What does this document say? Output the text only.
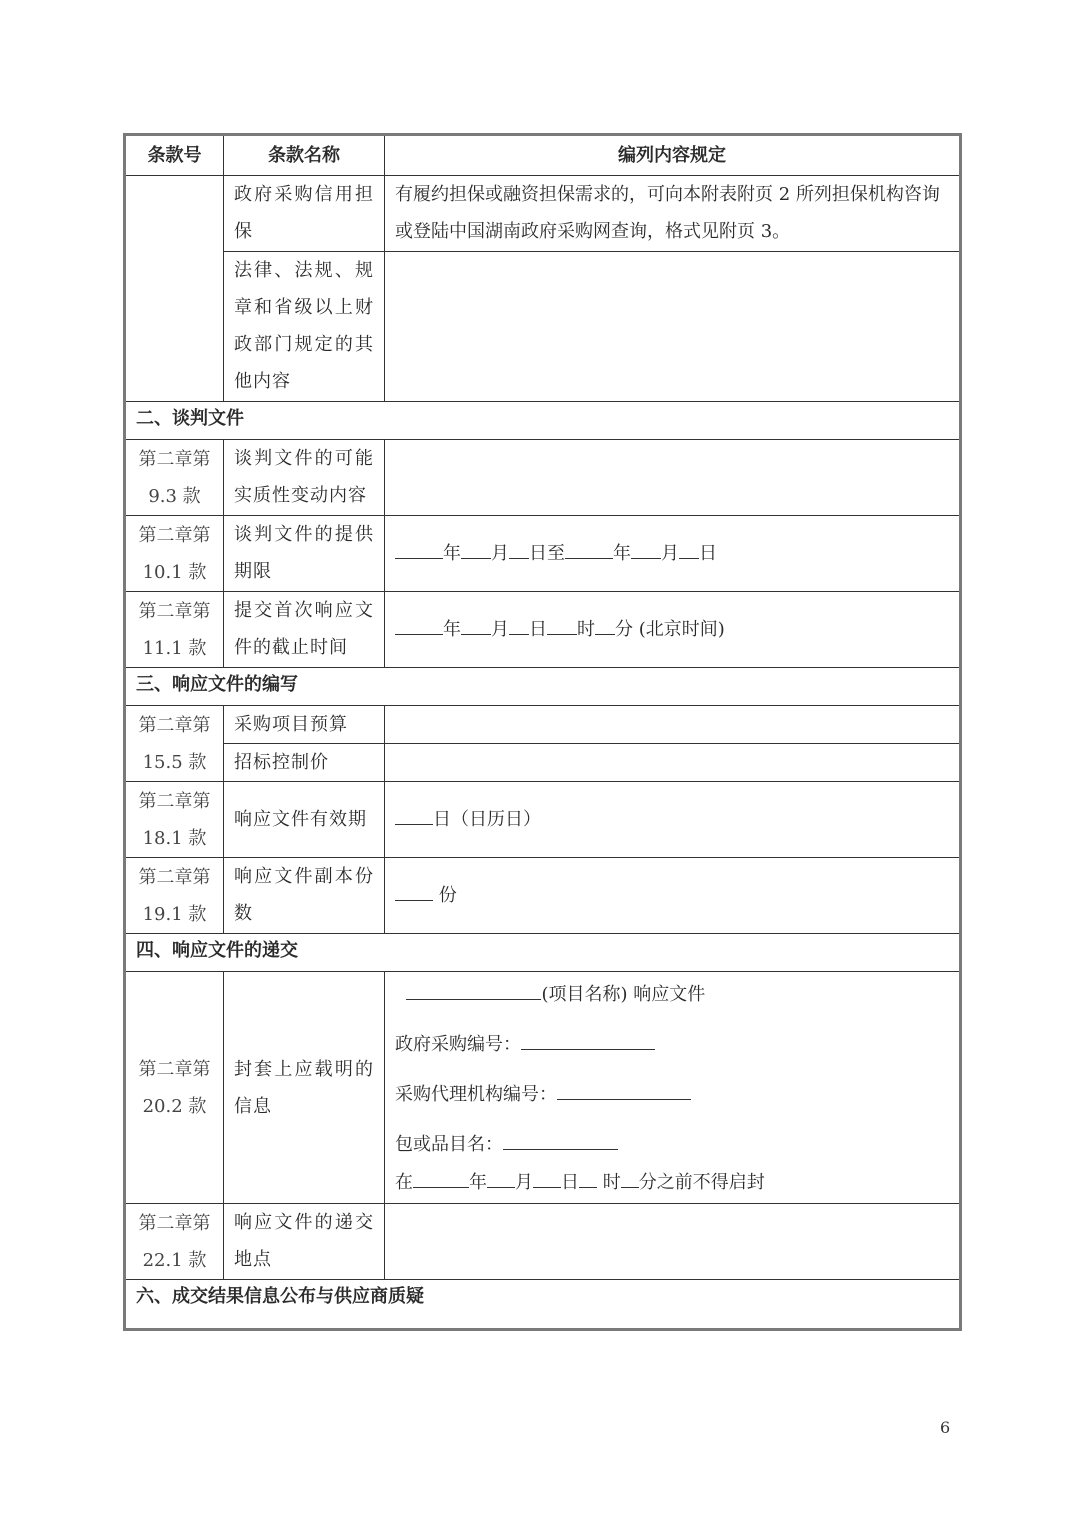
条款号	条款名称	编列内容规定
	政府采购信用担保	有履约担保或融资担保需求的，可向本附表附页 2 所列担保机构咨询或登陆中国湖南政府采购网查询，格式见附页 3。
	法律、法规、规章和省级以上财政部门规定的其他内容	
二、谈判文件		
第二章第 9.3 款	谈判文件的可能实质性变动内容	
第二章第 10.1 款	谈判文件的提供期限	年 月 日至 年 月 日
第二章第 11.1 款	提交首次响应文件的截止时间	年 月 日 时 分 (北京时间)
三、响应文件的编写		
第二章第 15.5 款	采购项目预算	
	招标控制价	
第二章第 18.1 款	响应文件有效期	日（日历日）
第二章第 19.1 款	响应文件副本份数	份
四、响应文件的递交		
第二章第 20.2 款	封套上应载明的信息	(项目名称) 响应文件
政府采购编号：
采购代理机构编号：
包或品目名：
在 年 月 日 时 分之前不得启封

第二章第 22.1 款	响应文件的递交地点	
六、成交结果信息公布与供应商质疑		
6
